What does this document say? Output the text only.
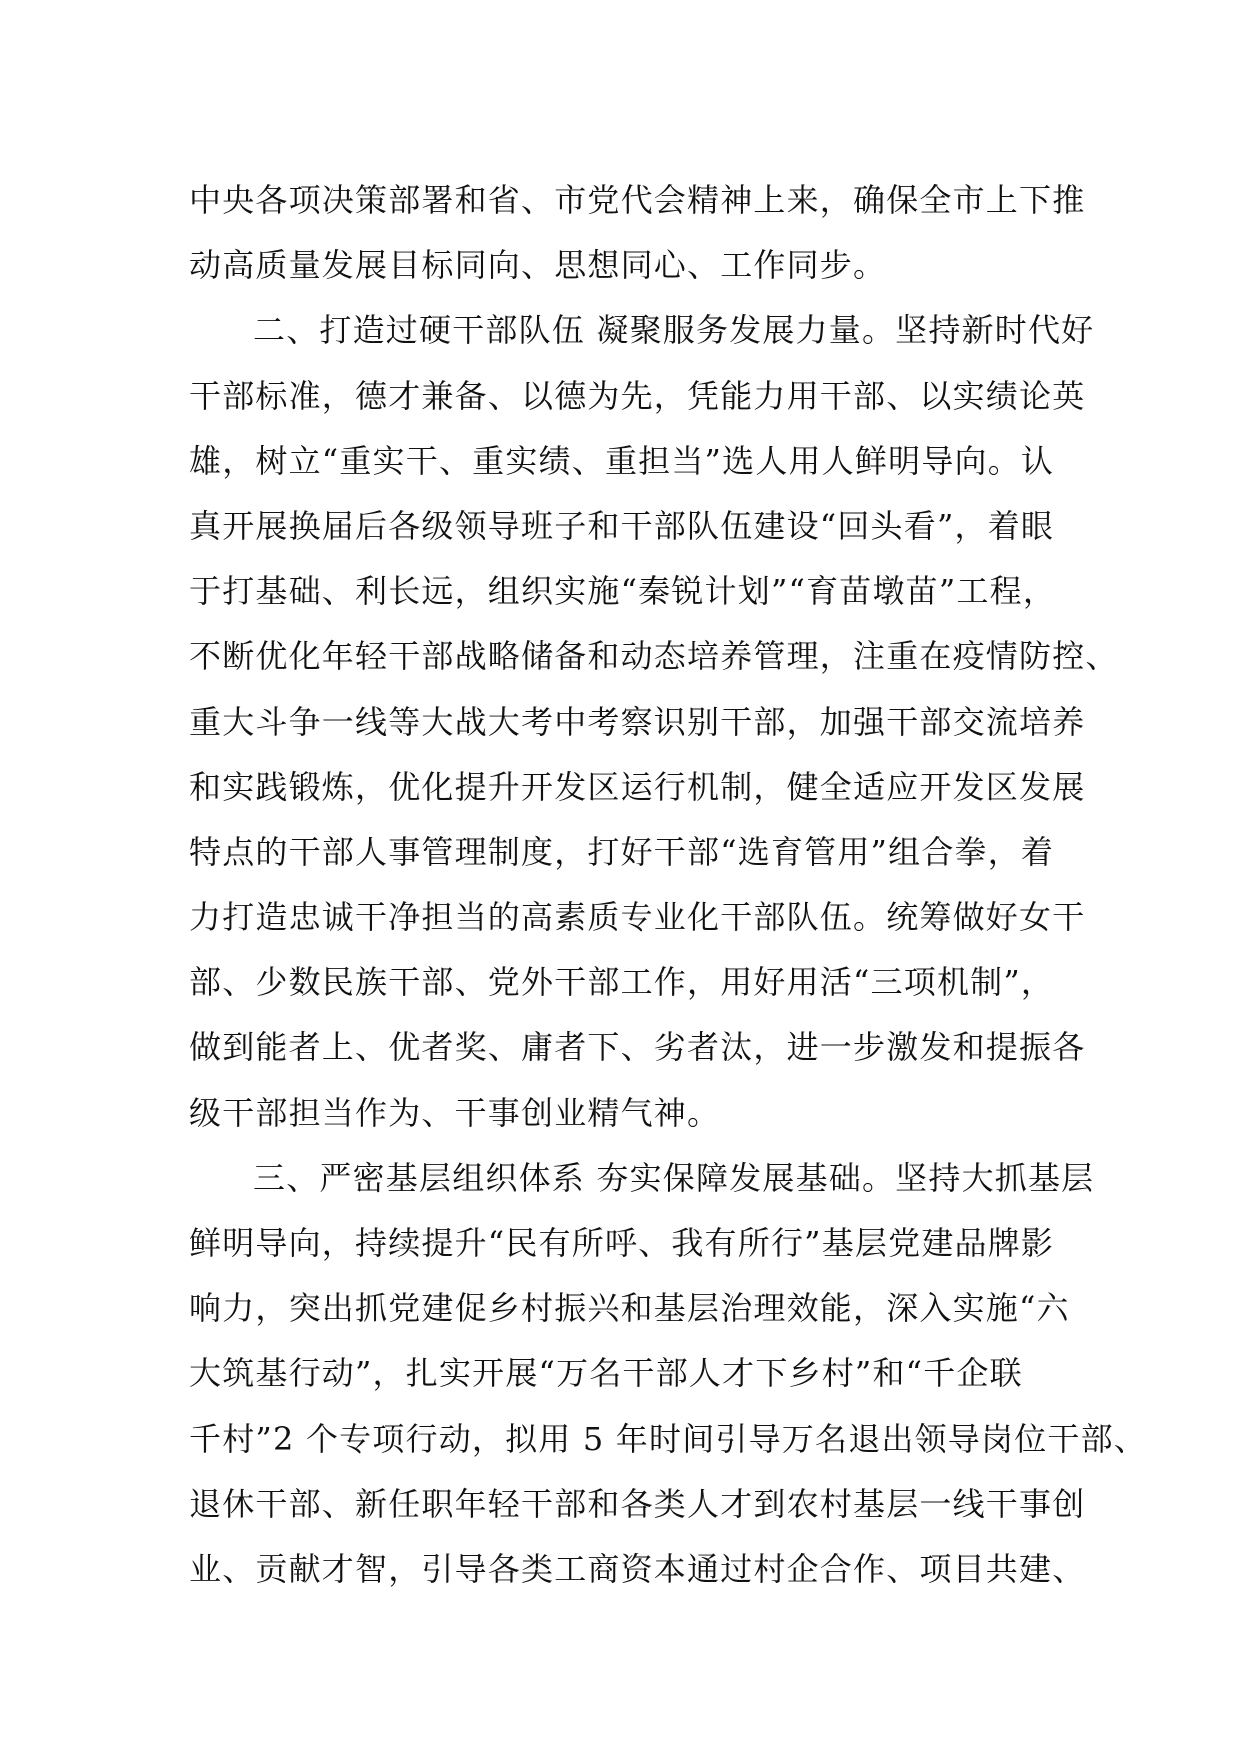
中央各项决策部署和省、市党代会精神上来，确保全市上下推
动高质量发展目标同向、思想同心、工作同步。
二、打造过硬干部队伍 凝聚服务发展力量。坚持新时代好
干部标准，德才兼备、以德为先，凭能力用干部、以实绩论英
雄，树立“重实干、重实绩、重担当”选人用人鲜明导向。认
真开展换届后各级领导班子和干部队伍建设“回头看”，着眼
于打基础、利长远，组织实施“秦锐计划”“育苗墩苗”工程，
不断优化年轻干部战略储备和动态培养管理，注重在疫情防控、
重大斗争一线等大战大考中考察识别干部，加强干部交流培养
和实践锻炼，优化提升开发区运行机制，健全适应开发区发展
特点的干部人事管理制度，打好干部“选育管用”组合拳，着
力打造忠诚干净担当的高素质专业化干部队伍。统筹做好女干
部、少数民族干部、党外干部工作，用好用活“三项机制”，
做到能者上、优者奖、庸者下、劣者汰，进一步激发和提振各
级干部担当作为、干事创业精气神。
三、严密基层组织体系 夯实保障发展基础。坚持大抓基层
鲜明导向，持续提升“民有所呼、我有所行”基层党建品牌影
响力，突出抓党建促乡村振兴和基层治理效能，深入实施“六
大筑基行动”，扎实开展“万名干部人才下乡村”和“千企联
千村”2 个专项行动，拟用 5 年时间引导万名退出领导岗位干部、
退休干部、新任职年轻干部和各类人才到农村基层一线干事创
业、贡献才智，引导各类工商资本通过村企合作、项目共建、
